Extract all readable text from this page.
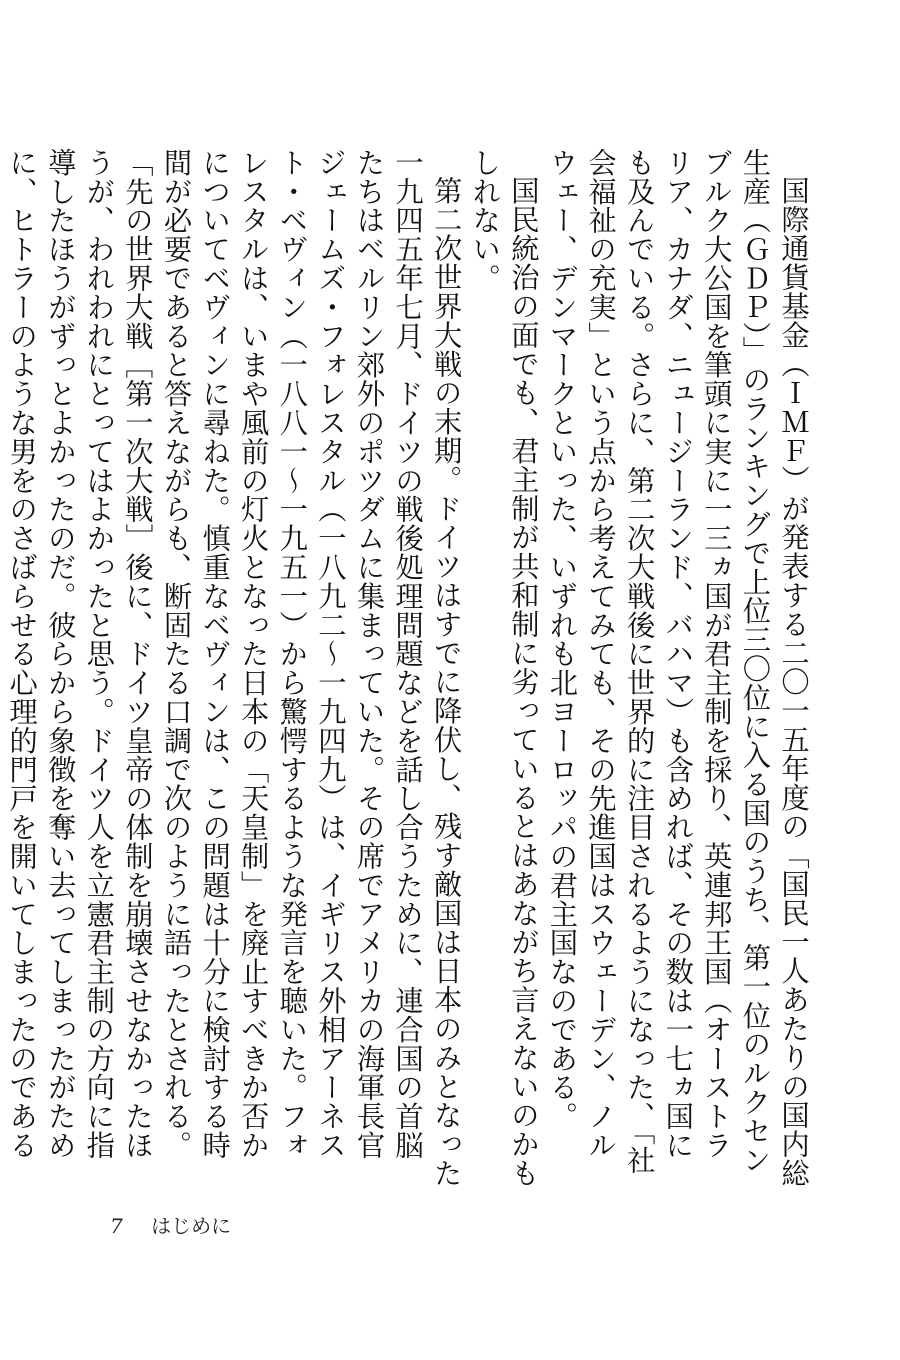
国際通貨基金（ＩＭＦ）が発表する二〇一五年度の「国民一人あたりの国内総生産（ＧＤＰ）」のランキングで上位三〇位に入る国のうち、第一位のルクセンブルク大公国を筆頭に実に一三ヵ国が君主制を採り、英連邦王国（オーストラリア、カナダ、ニュージーランド、バハマ）も含めれば、その数は一七ヵ国にも及んでいる。さらに、第二次大戦後に世界的に注目されるようになった、「社会福祉の充実」という点から考えてみても、その先進国はスウェーデン、ノルウェー、デンマークといった、いずれも北ヨーロッパの君主国なのである。

国民統治の面でも、君主制が共和制に劣っているとはあながち言えないのかもしれない。

第二次世界大戦の末期。ドイツはすでに降伏し、残す敵国は日本のみとなった一九四五年七月、ドイツの戦後処理問題などを話し合うために、連合国の首脳たちはベルリン郊外のポツダムに集まっていた。その席でアメリカの海軍長官ジェームズ・フォレスタル（一八九二～一九四九）は、イギリス外相アーネスト・ベヴィン（一八八一～一九五一）から驚愕するような発言を聴いた。フォレスタルは、いまや風前の灯火となった日本の「天皇制」を廃止すべきか否かについてベヴィンに尋ねた。慎重なベヴィンは、この問題は十分に検討する時間が必要であると答えながらも、断固たる口調で次のように語ったとされる。

「先の世界大戦［第一次大戦］後に、ドイツ皇帝の体制を崩壊させなかったほうが、われわれにとってはよかったと思う。ドイツ人を立憲君主制の方向に指導したほうがずっとよかったのだ。彼らから象徴を奪い去ってしまったがために、ヒトラーのような男をのさばらせる心理的門戸を開いてしまったのである

7 はじめに
